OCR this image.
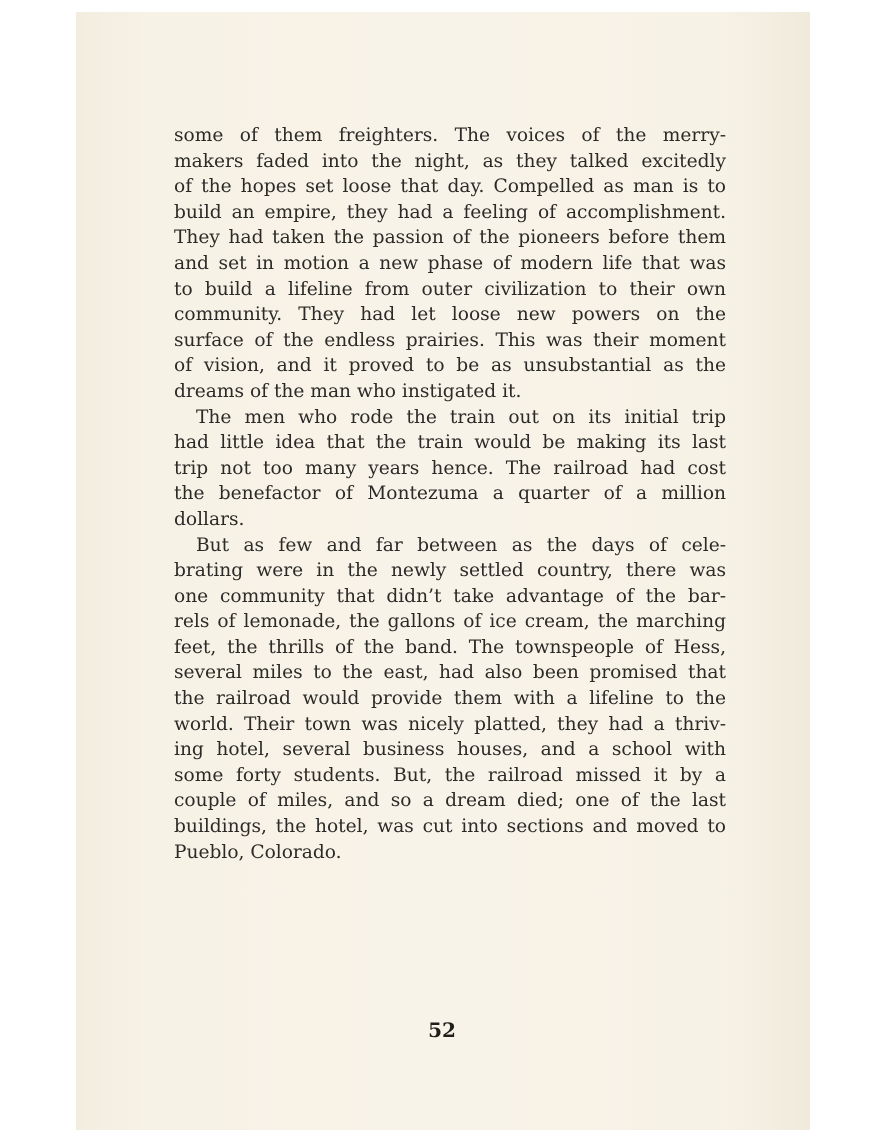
some of them freighters. The voices of the merry-
makers faded into the night, as they talked excitedly
of the hopes set loose that day. Compelled as man is to
build an empire, they had a feeling of accomplishment.
They had taken the passion of the pioneers before them
and set in motion a new phase of modern life that was
to build a lifeline from outer civilization to their own
community. They had let loose new powers on the
surface of the endless prairies. This was their moment
of vision, and it proved to be as unsubstantial as the
dreams of the man who instigated it.
The men who rode the train out on its initial trip
had little idea that the train would be making its last
trip not too many years hence. The railroad had cost
the benefactor of Montezuma a quarter of a million
dollars.
But as few and far between as the days of cele-
brating were in the newly settled country, there was
one community that didn’t take advantage of the bar-
rels of lemonade, the gallons of ice cream, the marching
feet, the thrills of the band. The townspeople of Hess,
several miles to the east, had also been promised that
the railroad would provide them with a lifeline to the
world. Their town was nicely platted, they had a thriv-
ing hotel, several business houses, and a school with
some forty students. But, the railroad missed it by a
couple of miles, and so a dream died; one of the last
buildings, the hotel, was cut into sections and moved to
Pueblo, Colorado.
52
